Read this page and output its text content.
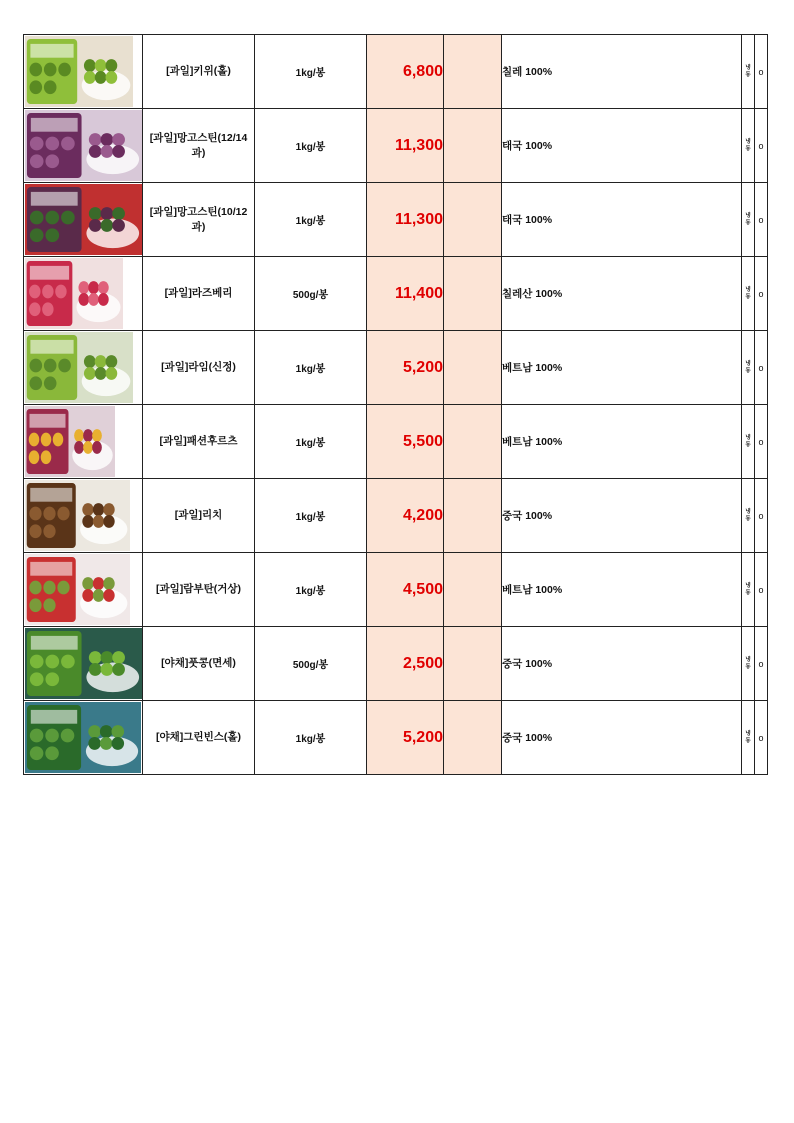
	[과일]키위(홀)	1kg/봉	6,800		칠레 100%	냉
동	o

	[과일]망고스틴(12/14과)	1kg/봉	11,300		태국 100%	냉
동	o

	[과일]망고스틴(10/12과)	1kg/봉	11,300		태국 100%	냉
동	o

	[과일]라즈베리	500g/봉	11,400		칠레산 100%	냉
동	o

	[과일]라임(신정)	1kg/봉	5,200		베트남 100%	냉
동	o

	[과일]패션후르츠	1kg/봉	5,500		베트남 100%	냉
동	o

	[과일]리치	1kg/봉	4,200		중국 100%	냉
동	o

	[과일]람부탄(거상)	1kg/봉	4,500		베트남 100%	냉
동	o

	[야채]풋콩(면세)	500g/봉	2,500		중국 100%	냉
동	o

	[야채]그린빈스(홀)	1kg/봉	5,200		중국 100%	냉
동	o
